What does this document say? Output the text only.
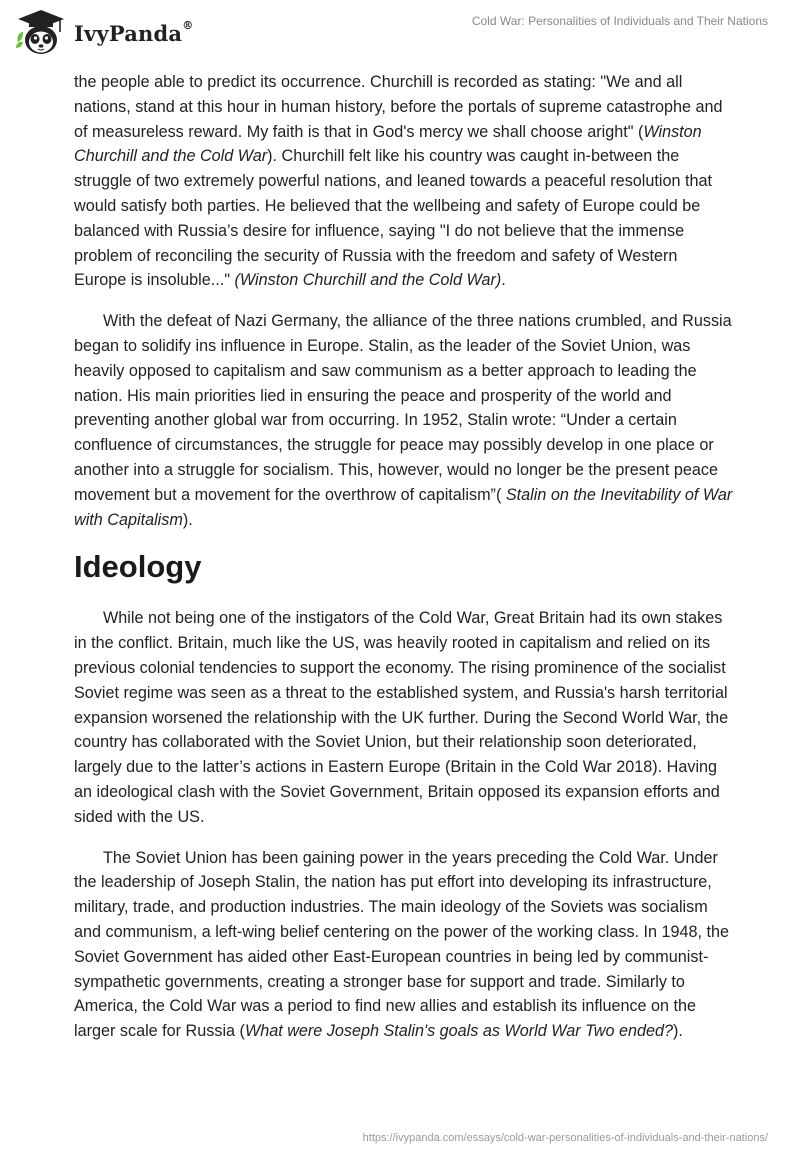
IvyPanda®	Cold War: Personalities of Individuals and Their Nations

the people able to predict its occurrence. Churchill is recorded as stating: "We and all nations, stand at this hour in human history, before the portals of supreme catastrophe and of measureless reward. My faith is that in God's mercy we shall choose aright" (Winston Churchill and the Cold War). Churchill felt like his country was caught in-between the struggle of two extremely powerful nations, and leaned towards a peaceful resolution that would satisfy both parties. He believed that the wellbeing and safety of Europe could be balanced with Russia’s desire for influence, saying "I do not believe that the immense problem of reconciling the security of Russia with the freedom and safety of Western Europe is insoluble..." (Winston Churchill and the Cold War).

With the defeat of Nazi Germany, the alliance of the three nations crumbled, and Russia began to solidify ins influence in Europe. Stalin, as the leader of the Soviet Union, was heavily opposed to capitalism and saw communism as a better approach to leading the nation. His main priorities lied in ensuring the peace and prosperity of the world and preventing another global war from occurring. In 1952, Stalin wrote: “Under a certain confluence of circumstances, the struggle for peace may possibly develop in one place or another into a struggle for socialism. This, however, would no longer be the present peace movement but a movement for the overthrow of capitalism”( Stalin on the Inevitability of War with Capitalism).

Ideology

While not being one of the instigators of the Cold War, Great Britain had its own stakes in the conflict. Britain, much like the US, was heavily rooted in capitalism and relied on its previous colonial tendencies to support the economy. The rising prominence of the socialist Soviet regime was seen as a threat to the established system, and Russia's harsh territorial expansion worsened the relationship with the UK further. During the Second World War, the country has collaborated with the Soviet Union, but their relationship soon deteriorated, largely due to the latter’s actions in Eastern Europe (Britain in the Cold War 2018). Having an ideological clash with the Soviet Government, Britain opposed its expansion efforts and sided with the US.

The Soviet Union has been gaining power in the years preceding the Cold War. Under the leadership of Joseph Stalin, the nation has put effort into developing its infrastructure, military, trade, and production industries. The main ideology of the Soviets was socialism and communism, a left-wing belief centering on the power of the working class. In 1948, the Soviet Government has aided other East-European countries in being led by communist-sympathetic governments, creating a stronger base for support and trade. Similarly to America, the Cold War was a period to find new allies and establish its influence on the larger scale for Russia (What were Joseph Stalin's goals as World War Two ended?).

https://ivypanda.com/essays/cold-war-personalities-of-individuals-and-their-nations/
